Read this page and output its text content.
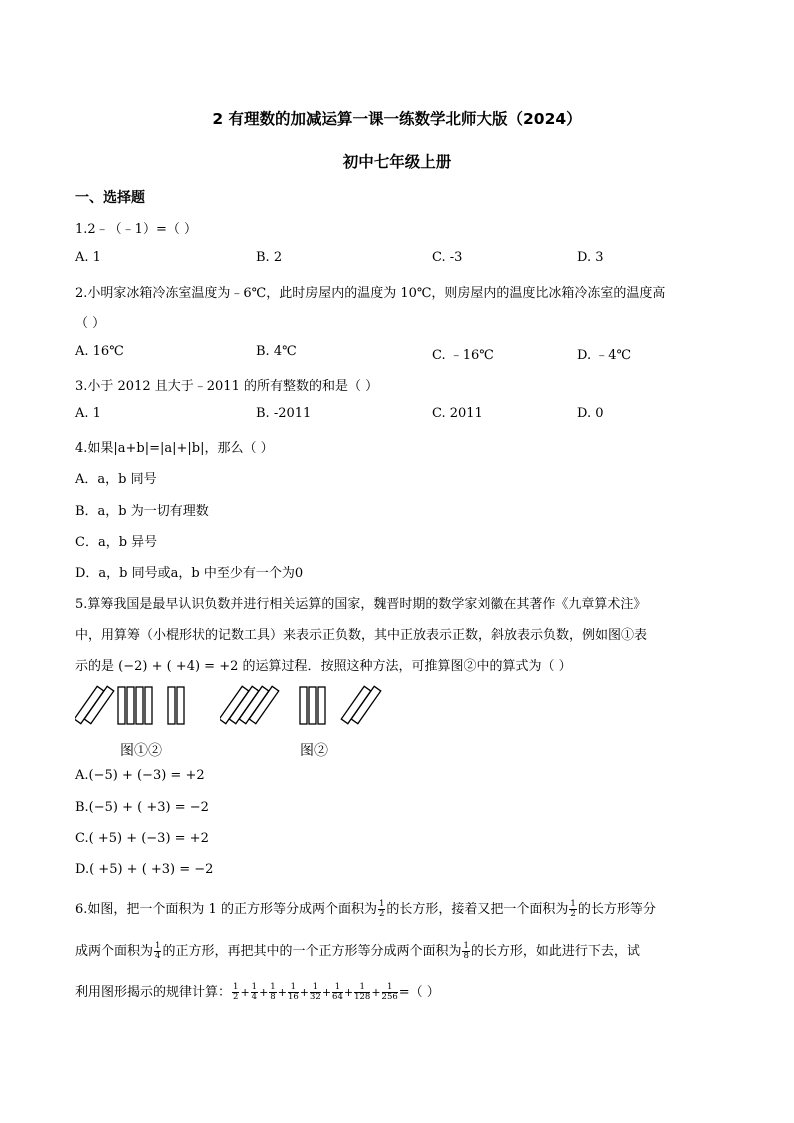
2 有理数的加减运算一课一练数学北师大版（2024）
初中七年级上册
一、选择题
1.2﹣（﹣1）=（ ）
A. 1	B. 2	C. -3	D. 3
2.小明家冰箱冷冻室温度为﹣6℃，此时房屋内的温度为 10℃，则房屋内的温度比冰箱冷冻室的温度高
（ ）
A. 16℃	B. 4℃	C. ﹣16℃	D. ﹣4℃
3.小于 2012 且大于﹣2011 的所有整数的和是（ ）
A. 1	B. -2011	C. 2011	D. 0
4.如果|a+b|=|a|+|b|，那么（ ）
A．a，b 同号
B．a，b 为一切有理数
C．a，b 异号
D．a，b 同号或a，b 中至少有一个为0
5.算筹我国是最早认识负数并进行相关运算的国家，魏晋时期的数学家刘徽在其著作《九章算术注》
中，用算筹（小棍形状的记数工具）来表示正负数，其中正放表示正数，斜放表示负数，例如图①表
示的是 (−2) + ( +4) = +2 的运算过程．按照这种方法，可推算图②中的算式为（ ）
图①②	图②
A.(−5) + (−3) = +2
B.(−5) + ( +3) = −2
C.( +5) + (−3) = +2
D.( +5) + ( +3) = −2
6.如图，把一个面积为 1 的正方形等分成两个面积为 $\frac{1}{2}$ 的长方形，接着又把一个面积为 $\frac{1}{2}$ 的长方形等分
成两个面积为 $\frac{1}{4}$ 的正方形，再把其中的一个正方形等分成两个面积为 $\frac{1}{8}$ 的长方形，如此进行下去，试
利用图形揭示的规律计算： $\frac{1}{2} + \frac{1}{4} + \frac{1}{8} + \frac{1}{16} + \frac{1}{32} + \frac{1}{64} + \frac{1}{128} + \frac{1}{256}$ =（ ）
